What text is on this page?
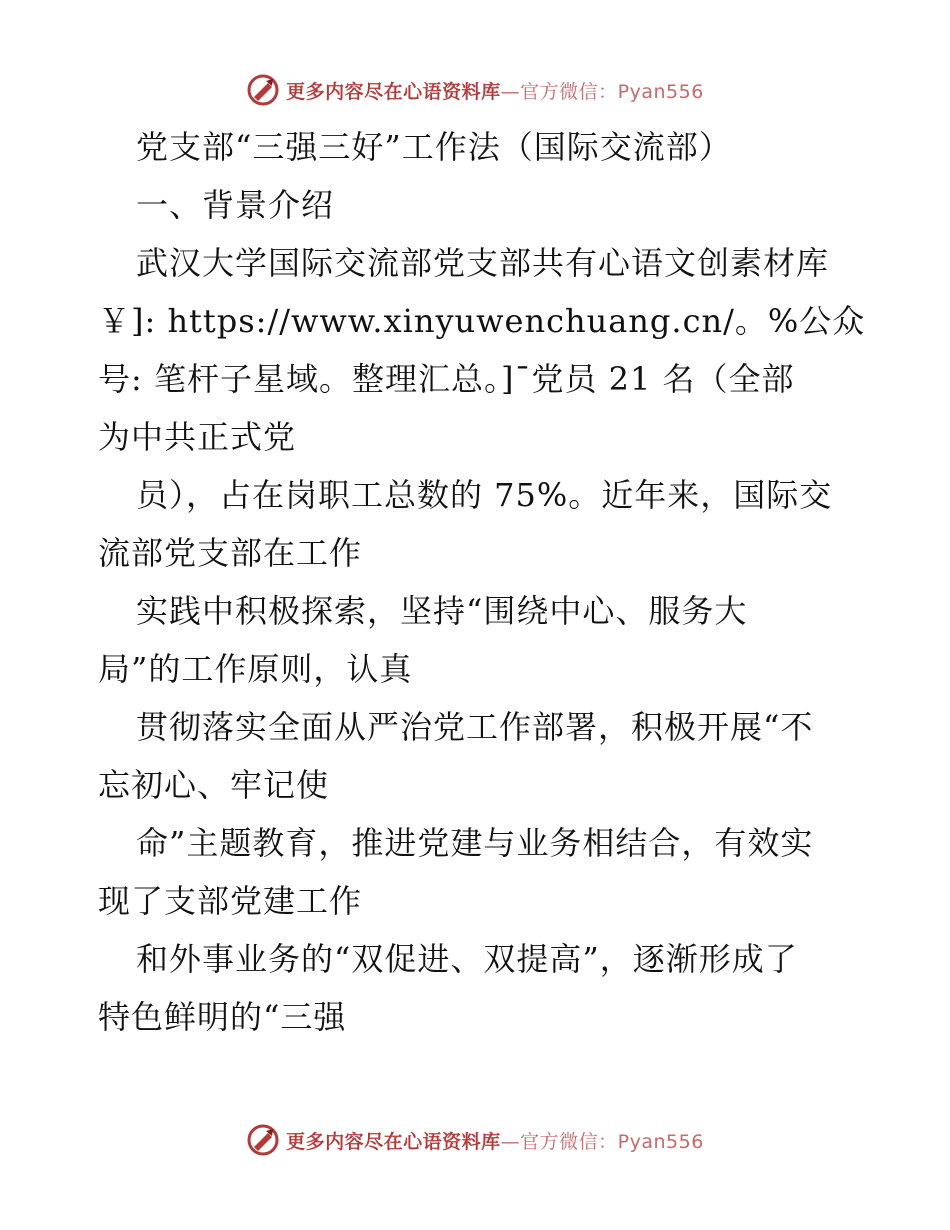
更多内容尽在心语资料库—官方微信：Pyan556
党支部“三强三好”工作法（国际交流部）
一、背景介绍
武汉大学国际交流部党支部共有心语文创素材库
￥]: https://www.xinyuwenchuang.cn/。%公众
号: 笔杆子星域。整理汇总。]¯党员 21 名（全部
为中共正式党
员），占在岗职工总数的 75%。近年来，国际交
流部党支部在工作
实践中积极探索，坚持“围绕中心、服务大
局”的工作原则，认真
贯彻落实全面从严治党工作部署，积极开展“不
忘初心、牢记使
命”主题教育，推进党建与业务相结合，有效实
现了支部党建工作
和外事业务的“双促进、双提高”，逐渐形成了
特色鲜明的“三强
更多内容尽在心语资料库—官方微信：Pyan556
